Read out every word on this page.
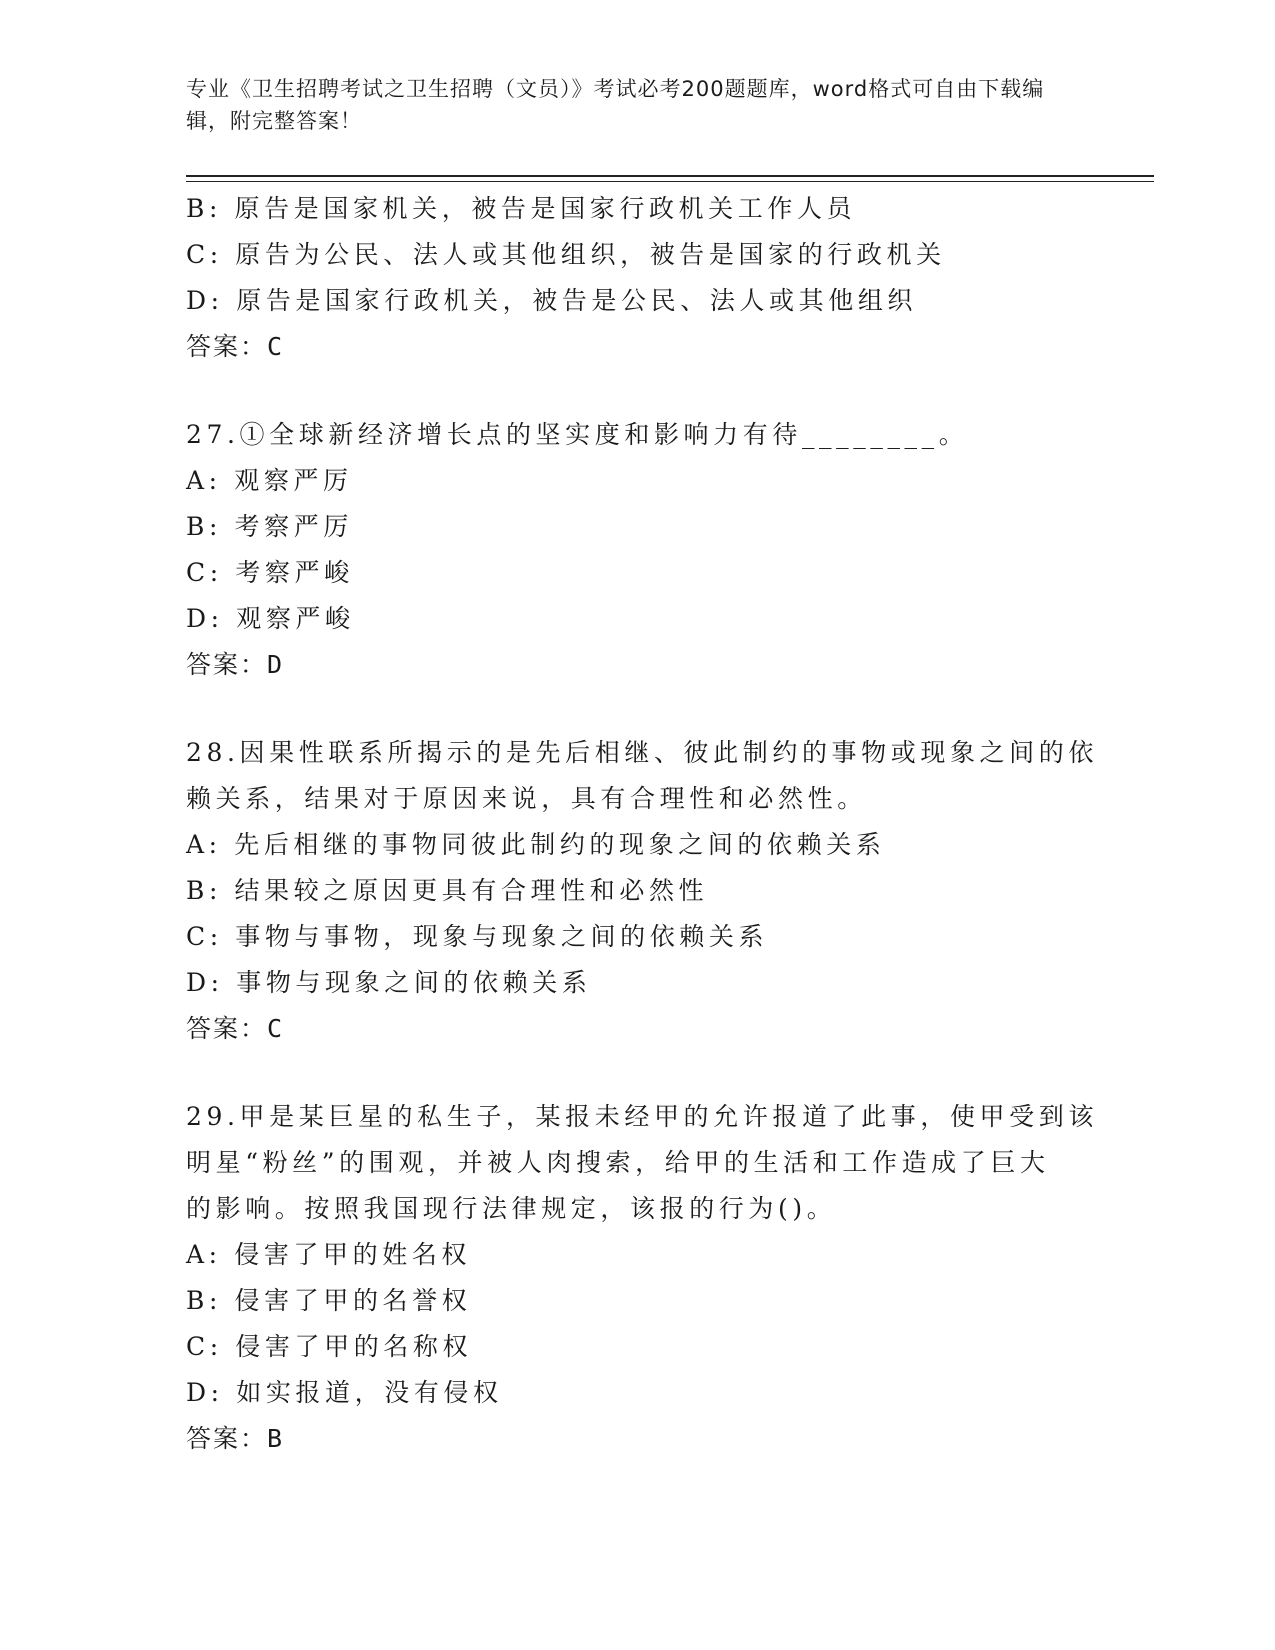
专业《卫生招聘考试之卫生招聘（文员）》考试必考200题题库，word格式可自由下载编辑，附完整答案！
B: 原告是国家机关，被告是国家行政机关工作人员
C: 原告为公民、法人或其他组织，被告是国家的行政机关
D: 原告是国家行政机关，被告是公民、法人或其他组织
答案：C
27.①全球新经济增长点的坚实度和影响力有待________。
A: 观察严厉
B: 考察严厉
C: 考察严峻
D: 观察严峻
答案：D
28.因果性联系所揭示的是先后相继、彼此制约的事物或现象之间的依
赖关系，结果对于原因来说，具有合理性和必然性。
A: 先后相继的事物同彼此制约的现象之间的依赖关系
B: 结果较之原因更具有合理性和必然性
C: 事物与事物，现象与现象之间的依赖关系
D: 事物与现象之间的依赖关系
答案：C
29.甲是某巨星的私生子，某报未经甲的允许报道了此事，使甲受到该
明星“粉丝”的围观，并被人肉搜索，给甲的生活和工作造成了巨大
的影响。按照我国现行法律规定，该报的行为()。
A: 侵害了甲的姓名权
B: 侵害了甲的名誉权
C: 侵害了甲的名称权
D: 如实报道，没有侵权
答案：B
